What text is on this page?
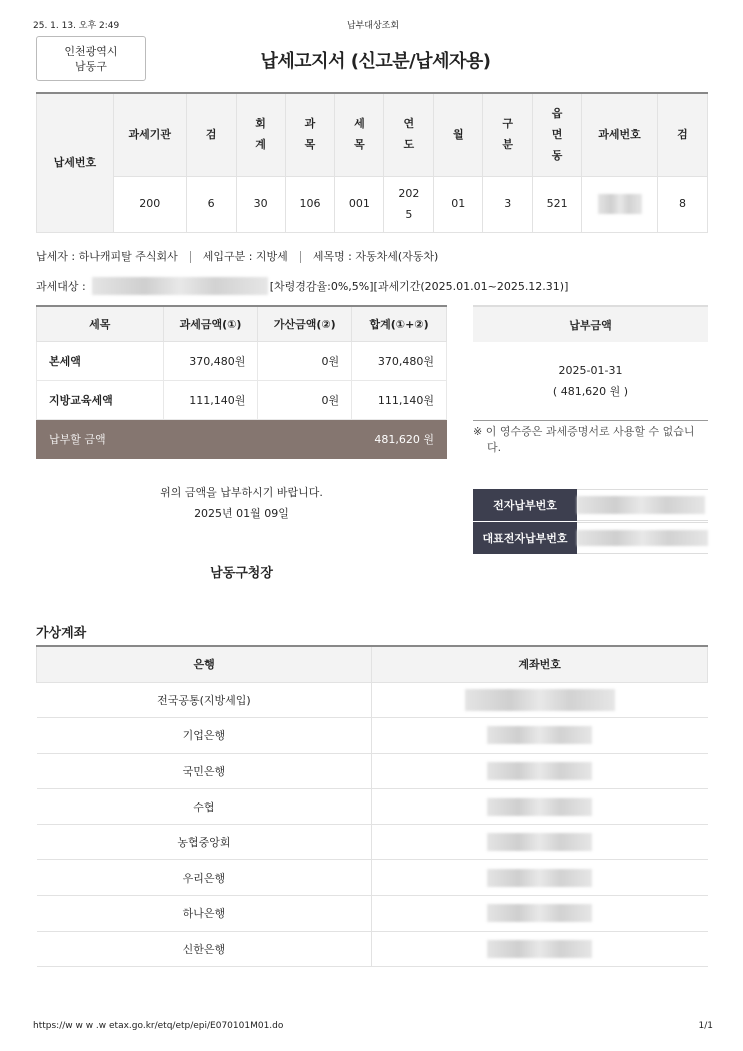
25. 1. 13. 오후 2:49	납부대상조회
인천광역시
남동구	납세고지서 (신고분/납세자용)
납세번호	과세기관	검	회계	과목	세목	연도	월	구분	읍면동	과세번호	검
	200	6	30	106	001	2025	01	3	521		8
납세자 : 하나캐피탈 주식회사 세입구분 : 지방세 세목명 : 자동차세(자동차)
과세대상 :	[차령경감율:0%,5%][과세기간(2025.01.01~2025.12.31)]
세목	과세금액(①)	가산금액(②)	합계(①+②)
본세액	370,480원	0원	370,480원
지방교육세액	111,140원	0원	111,140원
납부할 금액	481,620 원		
납부금액
2025-01-31
( 481,620 원 )
※ 이 영수증은 과세증명서로 사용할 수 없습니다.
위의 금액을 납부하시기 바랍니다.
2025년 01월 09일
남동구청장
전자납부번호
대표전자납부번호
가상계좌
은행	계좌번호
전국공통(지방세입)	
기업은행	
국민은행	
수협	
농협중앙회	
우리은행	
하나은행	
신한은행	
https://w w w .w etax.go.kr/etq/etp/epi/E070101M01.do	1/1
